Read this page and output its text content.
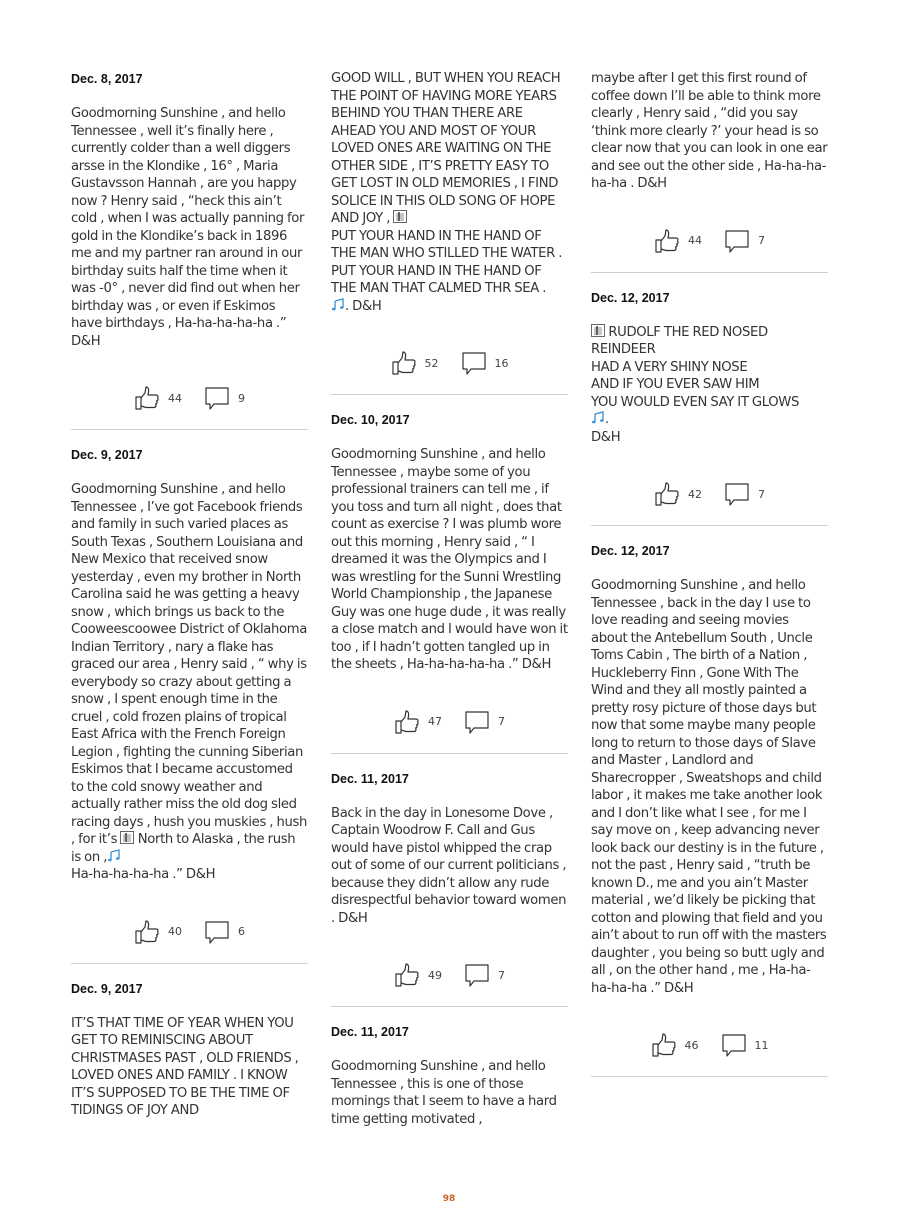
Dec. 8, 2017
Goodmorning Sunshine , and hello Tennessee , well it’s finally here , currently colder than a well diggers arsse in the Klondike , 16° , Maria Gustavsson Hannah , are you happy now ? Henry said , “heck this ain’t cold , when I was actually panning for gold in the Klondike’s back in 1896 me and my partner ran around in our birthday suits half the time when it was -0° , never did find out when her birthday was , or even if Eskimos have birthdays , Ha-ha-ha-ha-ha .” D&H
44	9
Dec. 9, 2017
Goodmorning Sunshine , and hello Tennessee , I’ve got Facebook friends and family in such varied places as South Texas , Southern Louisiana and New Mexico that received snow yesterday , even my brother in North Carolina said he was getting a heavy snow , which brings us back to the Cooweescoowee District of Oklahoma Indian Territory , nary a flake has graced our area , Henry said , “ why is everybody so crazy about getting a snow , I spent enough time in the cruel , cold frozen plains of tropical East Africa with the French Foreign Legion , fighting the cunning Siberian Eskimos that I became accustomed to the cold snowy weather and actually rather miss the old dog sled racing days , hush you muskies , hush , for it’s  North to Alaska , the rush is on ,
Ha-ha-ha-ha-ha .” D&H
40	6
Dec. 9, 2017
IT’S THAT TIME OF YEAR WHEN YOU GET TO REMINISCING ABOUT CHRISTMASES PAST , OLD FRIENDS , LOVED ONES AND FAMILY . I KNOW IT’S SUPPOSED TO BE THE TIME OF TIDINGS OF JOY AND
GOOD WILL , BUT WHEN YOU REACH THE POINT OF HAVING MORE YEARS BEHIND YOU THAN THERE ARE AHEAD YOU AND MOST OF YOUR LOVED ONES ARE WAITING ON THE OTHER SIDE , IT’S PRETTY EASY TO GET LOST IN OLD MEMORIES , I FIND SOLICE IN THIS OLD SONG OF HOPE AND JOY ,
PUT YOUR HAND IN THE HAND OF THE MAN WHO STILLED THE WATER .
PUT YOUR HAND IN THE HAND OF THE MAN THAT CALMED THR SEA .
. D&H
52	16
Dec. 10, 2017
Goodmorning Sunshine , and hello Tennessee , maybe some of you professional trainers can tell me , if you toss and turn all night , does that count as exercise ? I was plumb wore out this morning , Henry said , “ I dreamed it was the Olympics and I was wrestling for the Sunni Wrestling World Championship , the Japanese Guy was one huge dude , it was really a close match and I would have won it too , if I hadn’t gotten tangled up in the sheets , Ha-ha-ha-ha-ha .” D&H
47	7
Dec. 11, 2017
Back in the day in Lonesome Dove , Captain Woodrow F. Call and Gus would have pistol whipped the crap out of some of our current politicians , because they didn’t allow any rude disrespectful behavior toward women . D&H
49	7
Dec. 11, 2017
Goodmorning Sunshine , and hello Tennessee , this is one of those mornings that I seem to have a hard time getting motivated ,
maybe after I get this first round of coffee down I’ll be able to think more clearly , Henry said , “did you say ‘think more clearly ?’ your head is so clear now that you can look in one ear and see out the other side , Ha-ha-ha-ha-ha . D&H
44	7
Dec. 12, 2017
RUDOLF THE RED NOSED REINDEER
HAD A VERY SHINY NOSE
AND IF YOU EVER SAW HIM
YOU WOULD EVEN SAY IT GLOWS
.
D&H
42	7
Dec. 12, 2017
Goodmorning Sunshine , and hello Tennessee , back in the day I use to love reading and seeing movies about the Antebellum South , Uncle Toms Cabin , The birth of a Nation , Huckleberry Finn , Gone With The Wind and they all mostly painted a pretty rosy picture of those days but now that some maybe many people long to return to those days of Slave and Master , Landlord and Sharecropper , Sweatshops and child labor , it makes me take another look and I don’t like what I see , for me I say move on , keep advancing never look back our destiny is in the future , not the past , Henry said , “truth be known D., me and you ain’t Master material , we’d likely be picking that cotton and plowing that field and you ain’t about to run off with the masters daughter , you being so butt ugly and all , on the other hand , me , Ha-ha-ha-ha-ha .” D&H
46	11
98
